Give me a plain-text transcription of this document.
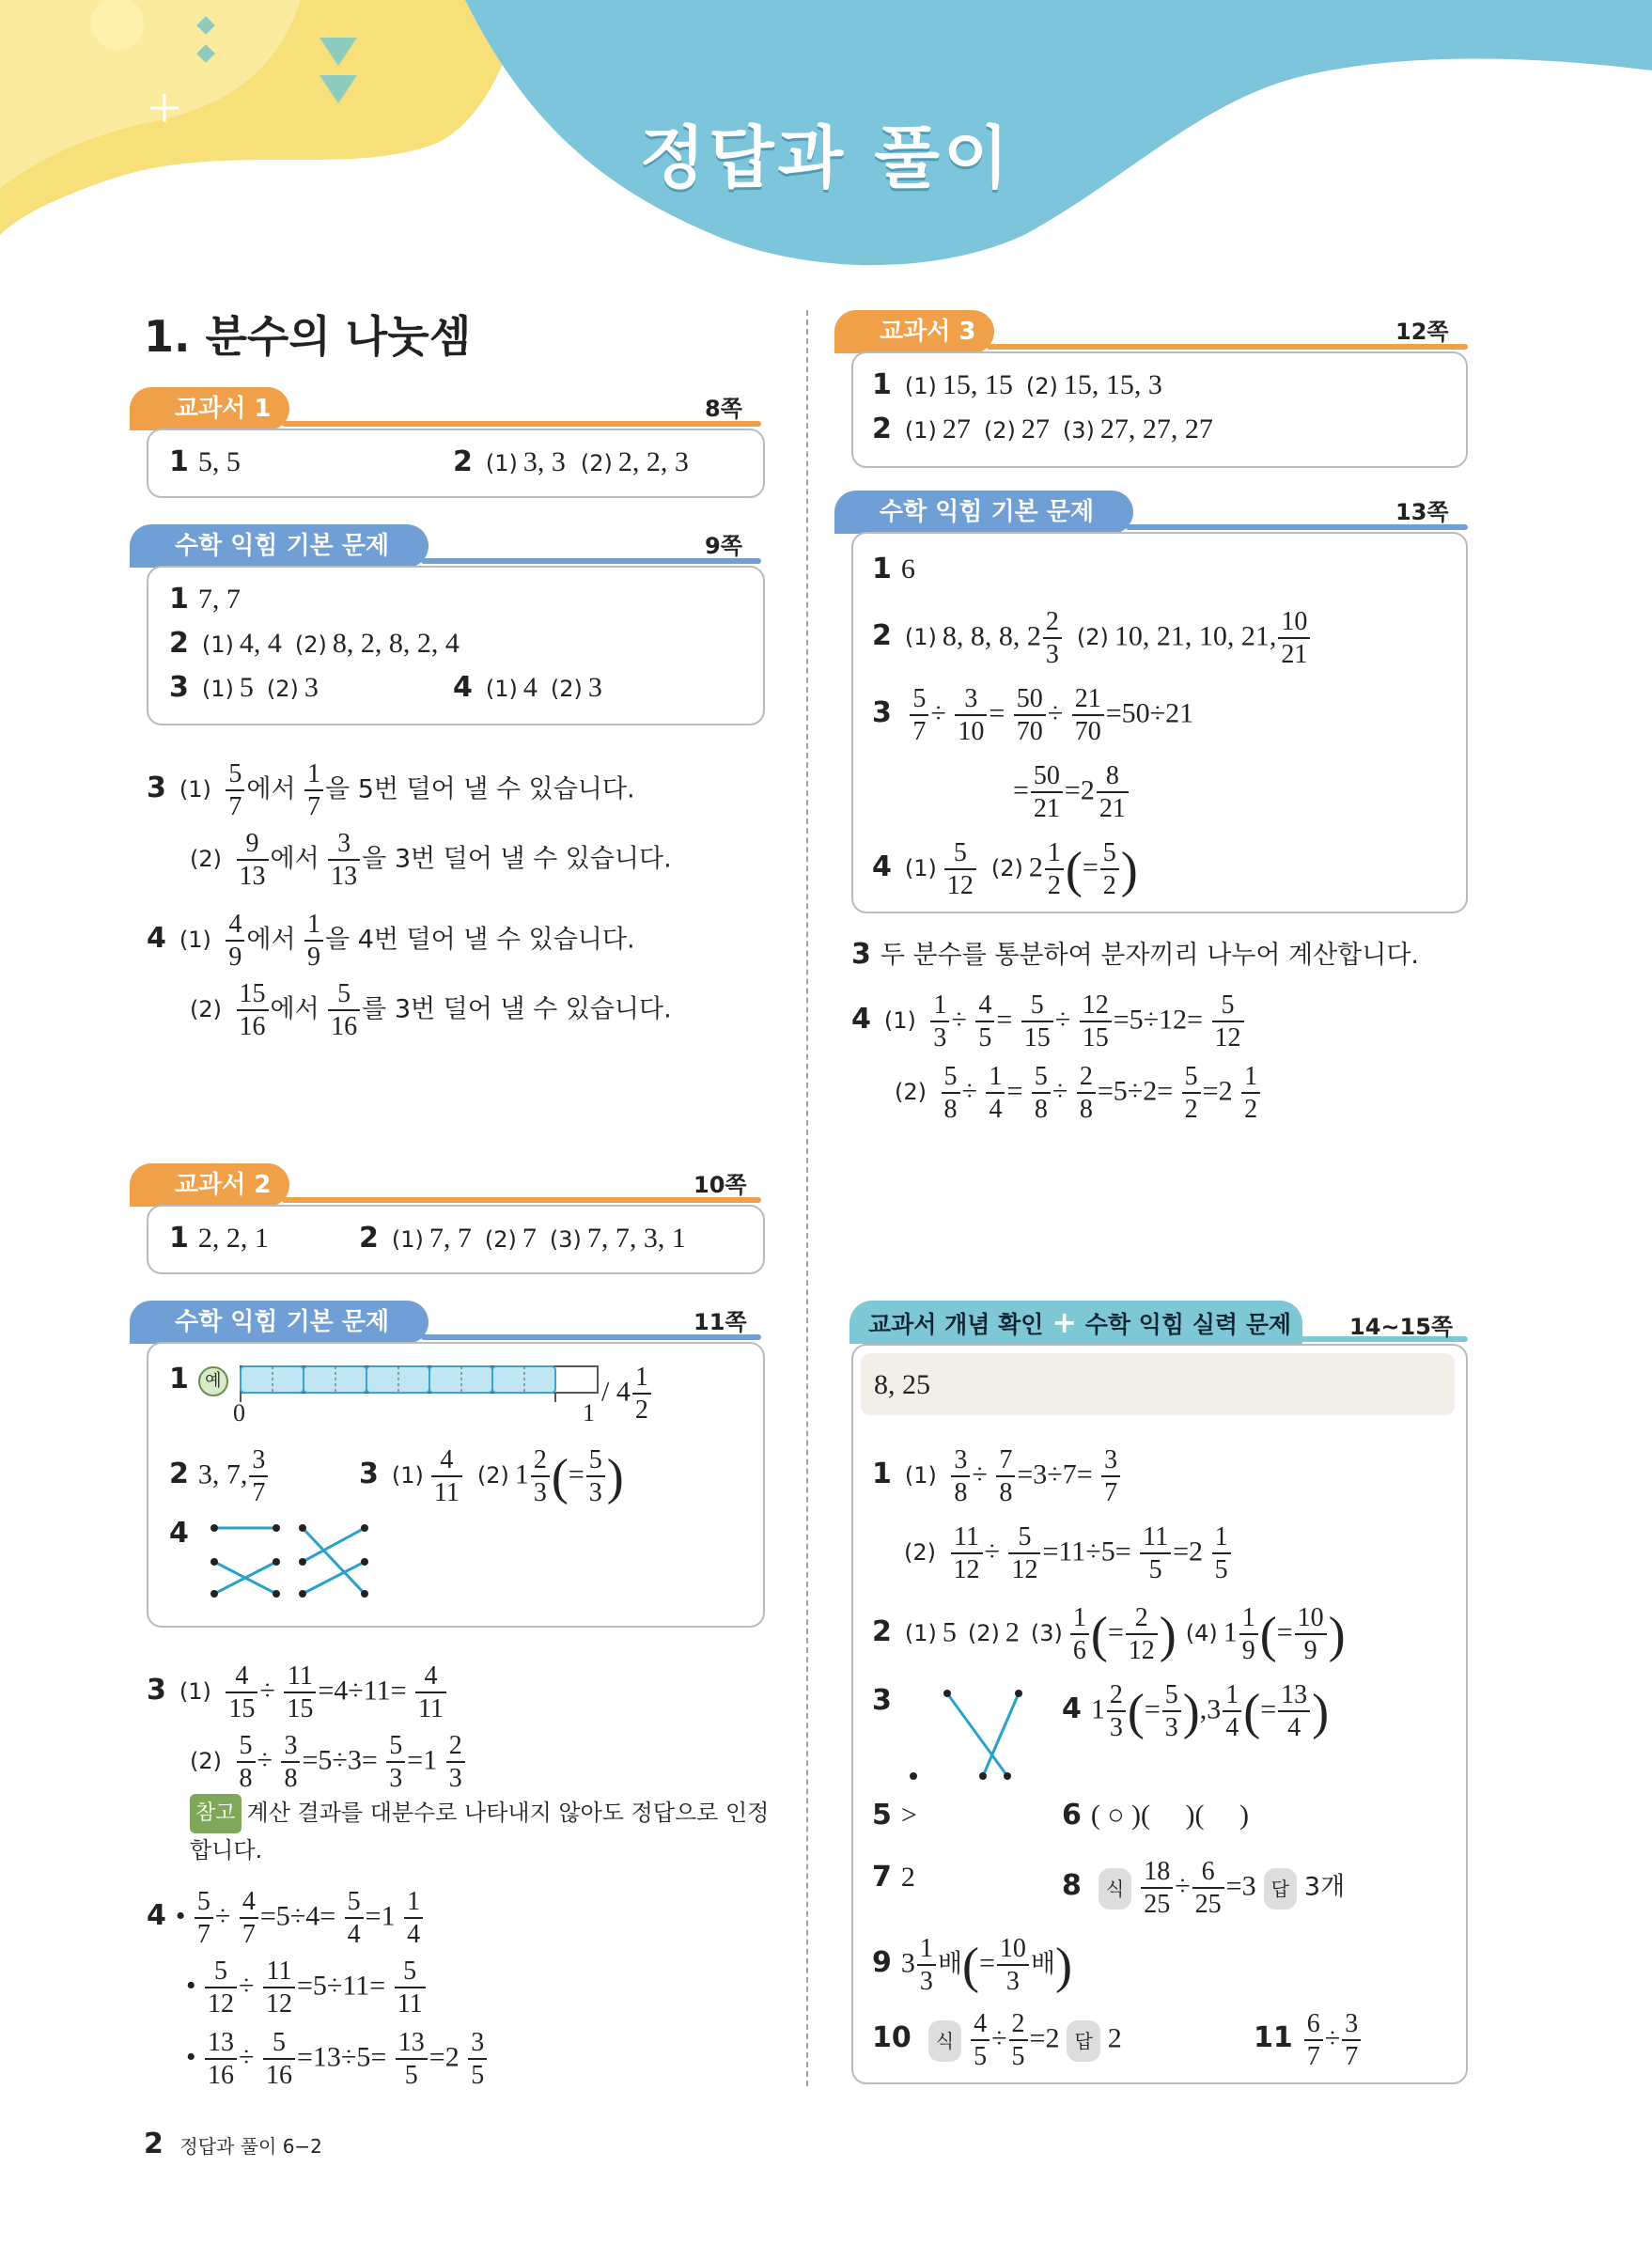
정답과 풀이
1. 분수의 나눗셈
교과서 1	8쪽
1 5, 5	2 (1) 3, 3 (2) 2, 2, 3
수학 익힘 기본 문제	9쪽
1 7, 7
2 (1) 4, 4 (2) 8, 2, 8, 2, 4
3 (1) 5 (2) 3	4 (1) 4 (2) 3
3 $(1) \frac{5}{7}$ 에서 $\frac{1}{7}$ 을 5번 덜어 낼 수 있습니다.
$(2) \frac{9}{13}$ 에서 $\frac{3}{13}$ 을 3번 덜어 낼 수 있습니다.
4 $(1) \frac{4}{9}$ 에서 $\frac{1}{9}$ 을 4번 덜어 낼 수 있습니다.
$(2) \frac{15}{16}$ 에서 $\frac{5}{16}$ 를 3번 덜어 낼 수 있습니다.
교과서 2	10쪽
1 2, 2, 1	2 (1) 7, 7 (2) 7 (3) 7, 7, 3, 1
수학 익힘 기본 문제	11쪽
1 예
0	1
/ $4 \frac{1}{2}$
2 3, 7, $\frac{3}{7}$	3 $(1) \frac{4}{11} (2)$ $1 \frac{2}{3}$ (= $\frac{5}{3}$ )
4
3 $(1) \frac{4}{15} \div \frac{11}{15} =4\div 11= \frac{4}{11}$
$(2) \frac{5}{8} \div \frac{3}{8} =5\div 3= \frac{5}{3} =1 \frac{2}{3}$
참고 계산 결과를 대분수로 나타내지 않아도 정답으로 인정
합니다.
4 • $\frac{5}{7} \div \frac{4}{7} =5\div 4= \frac{5}{4} =1 \frac{1}{4}$
• $\frac{5}{12} \div \frac{11}{12} =5\div 11= \frac{5}{11}$
• $\frac{13}{16} \div \frac{5}{16} =13\div 5= \frac{13}{5} =2 \frac{3}{5}$
교과서 3	12쪽
1 (1) 15, 15 (2) 15, 15, 3
2 (1) 27 (2) 27 (3) 27, 27, 27
수학 익힘 기본 문제	13쪽
1 6
2 (1) 8, 8, 8, $2 \frac{2}{3} (2)$ 10, 21, 10, 21, $\frac{10}{21}$
$3 \frac{5}{7} \div \frac{3}{10} = \frac{50}{70} \div \frac{21}{70} =50\div 21$
= $\frac{50}{21} =2 \frac{8}{21}$
4 $(1) \frac{5}{12} (2)$ $2 \frac{1}{2}$ (= $\frac{5}{2}$ )
3 두 분수를 통분하여 분자끼리 나누어 계산합니다.
4 $(1) \frac{1}{3} \div \frac{4}{5} = \frac{5}{15} \div \frac{12}{15} =5\div 12= \frac{5}{12}$
$(2) \frac{5}{8} \div \frac{1}{4} = \frac{5}{8} \div \frac{2}{8} =5\div 2= \frac{5}{2} =2 \frac{1}{2}$
교과서 개념 확인 + 수학 익힘 실력 문제	14~15쪽
8, 25
1 $(1) \frac{3}{8} \div \frac{7}{8} =3\div 7= \frac{3}{7}$
$(2) \frac{11}{12} \div \frac{5}{12} =11\div 5= \frac{11}{5} =2 \frac{1}{5}$
2 (1) 5 (2) 2 $(3) \frac{1}{6}$ (= $\frac{2}{12}$ ) (4) $1 \frac{1}{9}$ (= $\frac{10}{9}$ )
3	4 $1 \frac{2}{3}$ (= $\frac{5}{3} ),3 \frac{1}{4}$ (= $\frac{13}{4}$ )
5 >	6 ( ○ )(     )(     )
7 2	8 식 $\frac{18}{25} \div \frac{6}{25} =3$ 답 3개
9 $3 \frac{1}{3}$ 배(= $\frac{10}{3}$ 배)
10 식 $\frac{4}{5} \div \frac{2}{5} =2$ 답 2	$11 \frac{6}{7} \div \frac{3}{7}$
2 정답과 풀이 6−2
